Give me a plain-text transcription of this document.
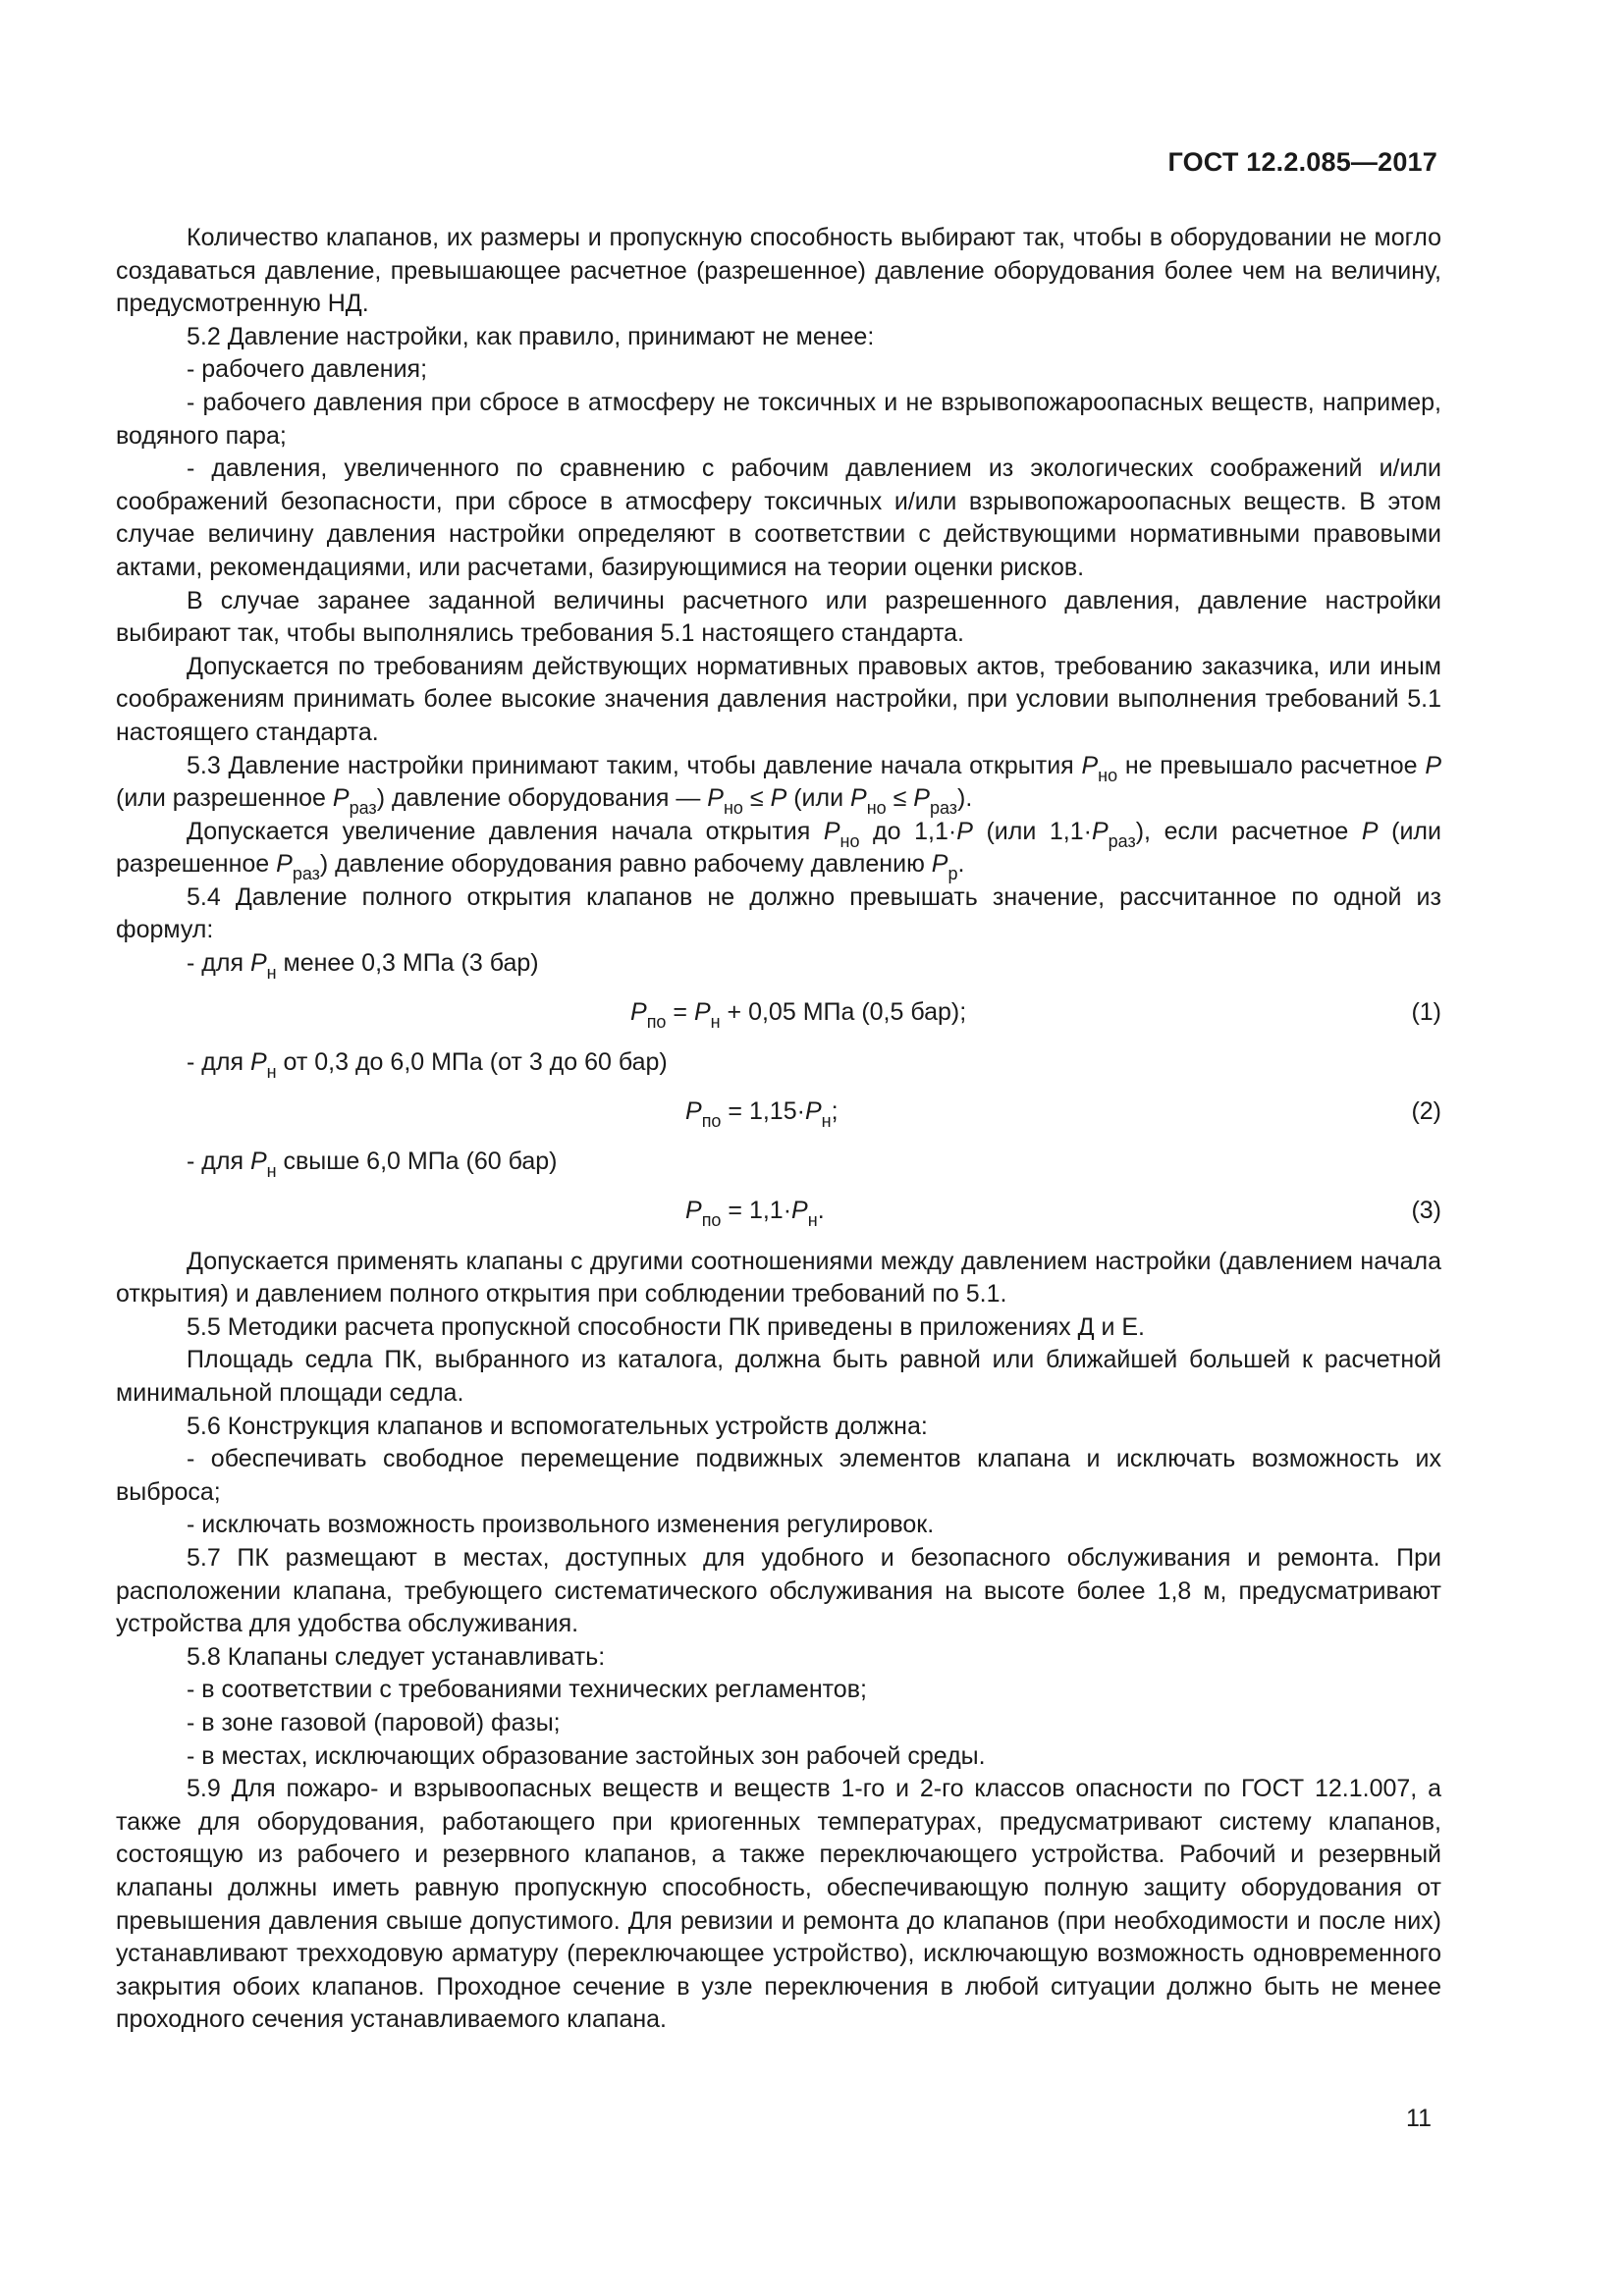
ГОСТ 12.2.085—2017

Количество клапанов, их размеры и пропускную способность выбирают так, чтобы в оборудовании не могло создаваться давление, превышающее расчетное (разрешенное) давление оборудования более чем на величину, предусмотренную НД.

5.2 Давление настройки, как правило, принимают не менее:

- рабочего давления;

- рабочего давления при сбросе в атмосферу не токсичных и не взрывопожароопасных веществ, например, водяного пара;

- давления, увеличенного по сравнению с рабочим давлением из экологических соображений и/или соображений безопасности, при сбросе в атмосферу токсичных и/или взрывопожароопасных веществ. В этом случае величину давления настройки определяют в соответствии с действующими нормативными правовыми актами, рекомендациями, или расчетами, базирующимися на теории оценки рисков.

В случае заранее заданной величины расчетного или разрешенного давления, давление настройки выбирают так, чтобы выполнялись требования 5.1 настоящего стандарта.

Допускается по требованиям действующих нормативных правовых актов, требованию заказчика, или иным соображениям принимать более высокие значения давления настройки, при условии выполнения требований 5.1 настоящего стандарта.

5.3 Давление настройки принимают таким, чтобы давление начала открытия $P_{но}$ не превышало расчетное P (или разрешенное $P_{раз}$) давление оборудования — $P_{но} \le P$ (или $P_{но} \le P_{раз}$).

Допускается увеличение давления начала открытия $P_{но}$ до 1,1·P (или $1,1\cdot P_{раз}$), если расчетное P (или разрешенное $P_{раз}$) давление оборудования равно рабочему давлению $P_р$.

5.4 Давление полного открытия клапанов не должно превышать значение, рассчитанное по одной из формул:

- для $P_н$ менее 0,3 МПа (3 бар)

$P_{по} = P_н + 0,05$ МПа (0,5 бар);	(1)

- для $P_н$ от 0,3 до 6,0 МПа (от 3 до 60 бар)

$P_{по} = 1,15\cdot P_н$;	(2)

- для $P_н$ свыше 6,0 МПа (60 бар)

$P_{по} = 1,1\cdot P_н$.	(3)

Допускается применять клапаны с другими соотношениями между давлением настройки (давлением начала открытия) и давлением полного открытия при соблюдении требований по 5.1.

5.5 Методики расчета пропускной способности ПК приведены в приложениях Д и Е.

Площадь седла ПК, выбранного из каталога, должна быть равной или ближайшей большей к расчетной минимальной площади седла.

5.6 Конструкция клапанов и вспомогательных устройств должна:

- обеспечивать свободное перемещение подвижных элементов клапана и исключать возможность их выброса;

- исключать возможность произвольного изменения регулировок.

5.7 ПК размещают в местах, доступных для удобного и безопасного обслуживания и ремонта. При расположении клапана, требующего систематического обслуживания на высоте более 1,8 м, предусматривают устройства для удобства обслуживания.

5.8 Клапаны следует устанавливать:

- в соответствии с требованиями технических регламентов;

- в зоне газовой (паровой) фазы;

- в местах, исключающих образование застойных зон рабочей среды.

5.9 Для пожаро- и взрывоопасных веществ и веществ 1-го и 2-го классов опасности по ГОСТ 12.1.007, а также для оборудования, работающего при криогенных температурах, предусматривают систему клапанов, состоящую из рабочего и резервного клапанов, а также переключающего устройства. Рабочий и резервный клапаны должны иметь равную пропускную способность, обеспечивающую полную защиту оборудования от превышения давления свыше допустимого. Для ревизии и ремонта до клапанов (при необходимости и после них) устанавливают трехходовую арматуру (переключающее устройство), исключающую возможность одновременного закрытия обоих клапанов. Проходное сечение в узле переключения в любой ситуации должно быть не менее проходного сечения устанавливаемого клапана.

11
